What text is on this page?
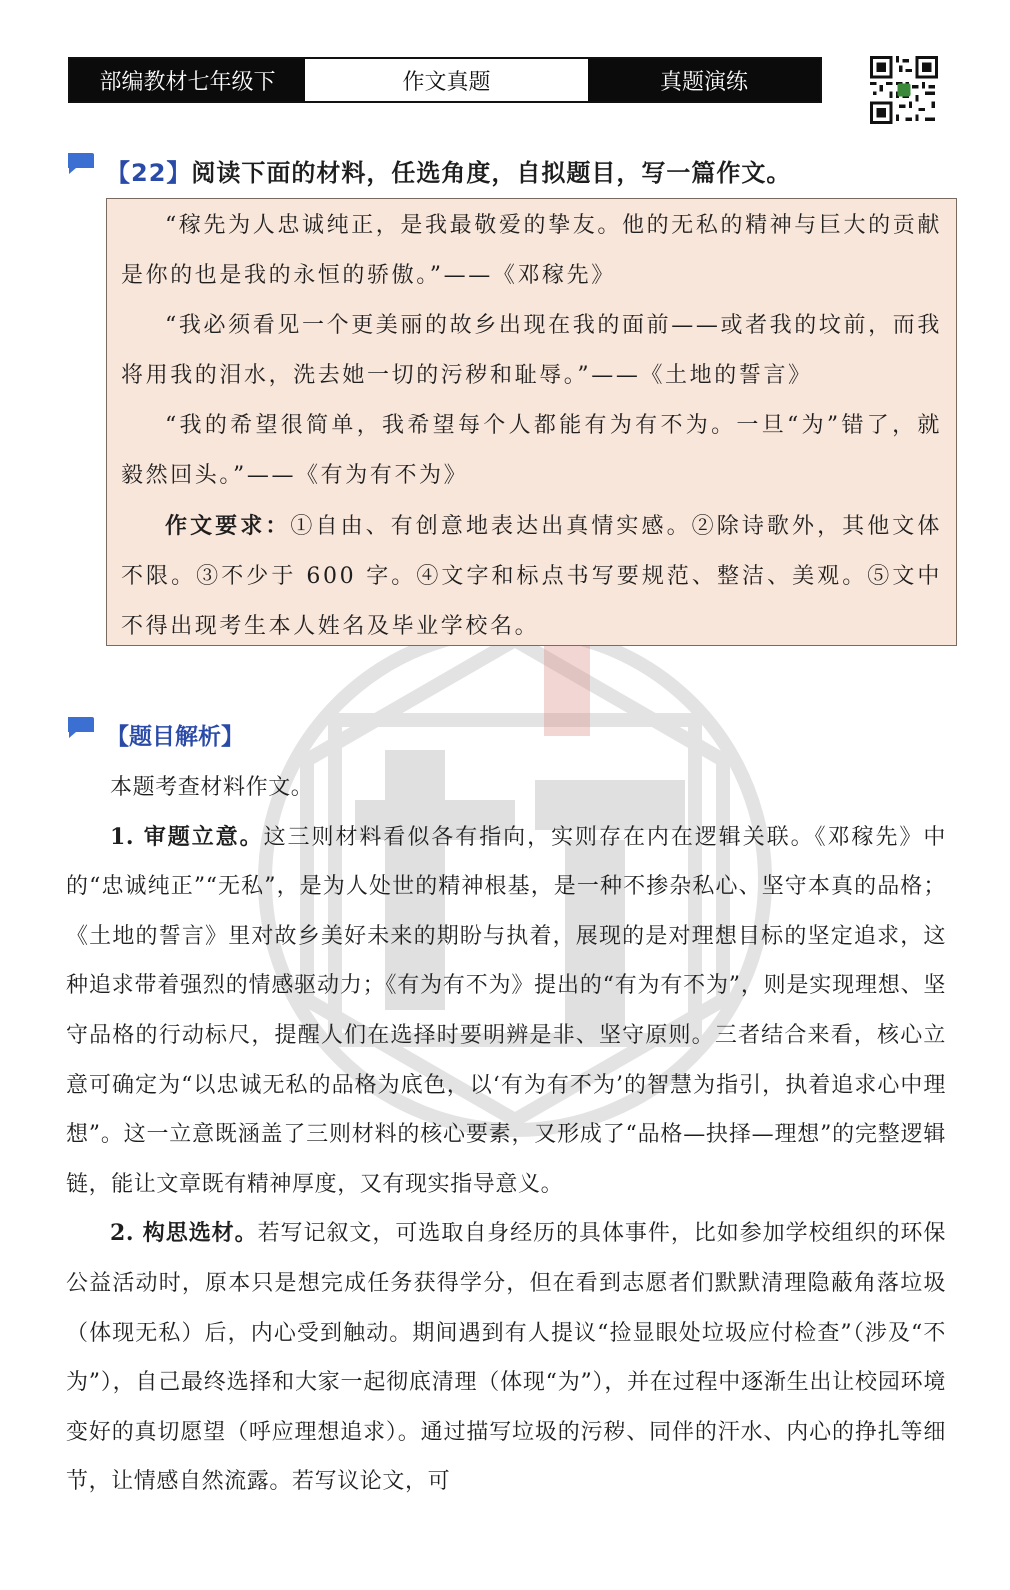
部编教材七年级下	作文真题	真题演练
【22】阅读下面的材料，任选角度，自拟题目，写一篇作文。

“稼先为人忠诚纯正，是我最敬爱的挚友。他的无私的精神与巨大的贡献是你的也是我的永恒的骄傲。”——《邓稼先》

“我必须看见一个更美丽的故乡出现在我的面前——或者我的坟前，而我将用我的泪水，洗去她一切的污秽和耻辱。”——《土地的誓言》

“我的希望很简单，我希望每个人都能有为有不为。一旦“为”错了，就毅然回头。”——《有为有不为》

作文要求：①自由、有创意地表达出真情实感。②除诗歌外，其他文体不限。③不少于 600 字。④文字和标点书写要规范、整洁、美观。⑤文中不得出现考生本人姓名及毕业学校名。

【题目解析】

本题考查材料作文。

1. 审题立意。这三则材料看似各有指向，实则存在内在逻辑关联。《邓稼先》中的“忠诚纯正”“无私”，是为人处世的精神根基，是一种不掺杂私心、坚守本真的品格；《土地的誓言》里对故乡美好未来的期盼与执着，展现的是对理想目标的坚定追求，这种追求带着强烈的情感驱动力；《有为有不为》提出的“有为有不为”，则是实现理想、坚守品格的行动标尺，提醒人们在选择时要明辨是非、坚守原则。三者结合来看，核心立意可确定为“以忠诚无私的品格为底色，以‘有为有不为’的智慧为指引，执着追求心中理想”。这一立意既涵盖了三则材料的核心要素，又形成了“品格—抉择—理想”的完整逻辑链，能让文章既有精神厚度，又有现实指导意义。

2. 构思选材。若写记叙文，可选取自身经历的具体事件，比如参加学校组织的环保公益活动时，原本只是想完成任务获得学分，但在看到志愿者们默默清理隐蔽角落垃圾（体现无私）后，内心受到触动。期间遇到有人提议“捡显眼处垃圾应付检查”（涉及“不为”），自己最终选择和大家一起彻底清理（体现“为”），并在过程中逐渐生出让校园环境变好的真切愿望（呼应理想追求）。通过描写垃圾的污秽、同伴的汗水、内心的挣扎等细节，让情感自然流露。若写议论文，可
